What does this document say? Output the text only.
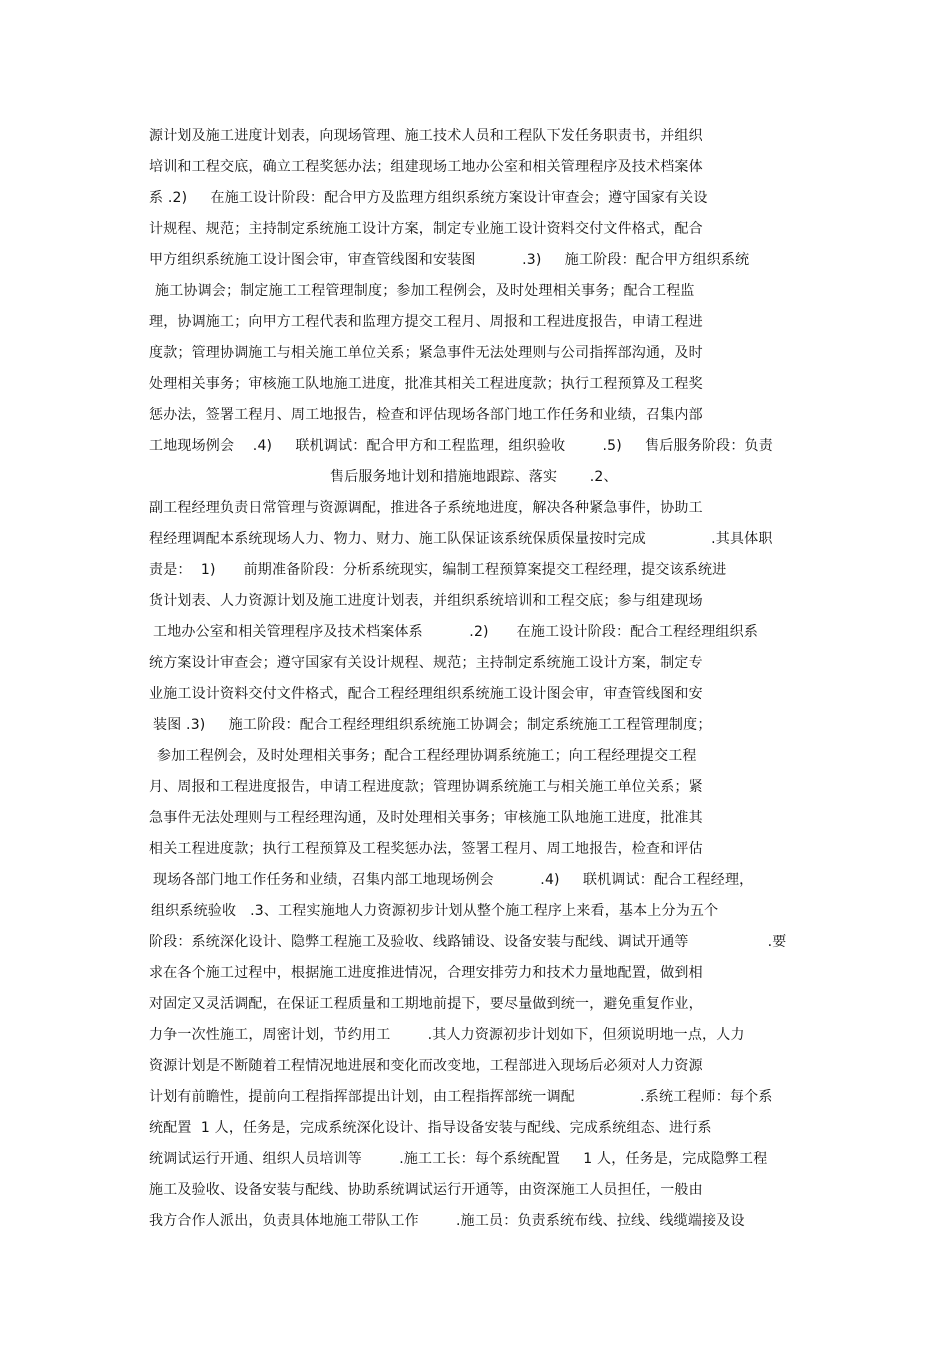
源计划及施工进度计划表，向现场管理、施工技术人员和工程队下发任务职责书，并组织
培训和工程交底，确立工程奖惩办法；组建现场工地办公室和相关管理程序及技术档案体
系 .2)     在施工设计阶段：配合甲方及监理方组织系统方案设计审查会；遵守国家有关设
计规程、规范；主持制定系统施工设计方案，制定专业施工设计资料交付文件格式，配合
甲方组织系统施工设计图会审，审查管线图和安装图          .3)     施工阶段：配合甲方组织系统
施工协调会；制定施工工程管理制度；参加工程例会，及时处理相关事务；配合工程监
理，协调施工；向甲方工程代表和监理方提交工程月、周报和工程进度报告，申请工程进
度款；管理协调施工与相关施工单位关系；紧急事件无法处理则与公司指挥部沟通，及时
处理相关事务；审核施工队地施工进度，批准其相关工程进度款；执行工程预算及工程奖
惩办法，签署工程月、周工地报告，检查和评估现场各部门地工作任务和业绩，召集内部
工地现场例会    .4)     联机调试：配合甲方和工程监理，组织验收        .5)     售后服务阶段：负责
售后服务地计划和措施地跟踪、落实       .2、
副工程经理负责日常管理与资源调配，推进各子系统地进度，解决各种紧急事件，协助工
程经理调配本系统现场人力、物力、财力、施工队保证该系统保质保量按时完成              .其具体职
责是：  1)      前期准备阶段：分析系统现实，编制工程预算案提交工程经理，提交该系统进
货计划表、人力资源计划及施工进度计划表，并组织系统培训和工程交底；参与组建现场
工地办公室和相关管理程序及技术档案体系          .2)      在施工设计阶段：配合工程经理组织系
统方案设计审查会；遵守国家有关设计规程、规范；主持制定系统施工设计方案，制定专
业施工设计资料交付文件格式，配合工程经理组织系统施工设计图会审，审查管线图和安
装图 .3)     施工阶段：配合工程经理组织系统施工协调会；制定系统施工工程管理制度；
参加工程例会，及时处理相关事务；配合工程经理协调系统施工；向工程经理提交工程
月、周报和工程进度报告，申请工程进度款；管理协调系统施工与相关施工单位关系；紧
急事件无法处理则与工程经理沟通，及时处理相关事务；审核施工队地施工进度，批准其
相关工程进度款；执行工程预算及工程奖惩办法，签署工程月、周工地报告，检查和评估
现场各部门地工作任务和业绩，召集内部工地现场例会          .4)     联机调试：配合工程经理，
组织系统验收   .3、工程实施地人力资源初步计划从整个施工程序上来看，基本上分为五个
阶段：系统深化设计、隐弊工程施工及验收、线路铺设、设备安装与配线、调试开通等                 .要
求在各个施工过程中，根据施工进度推进情况，合理安排劳力和技术力量地配置，做到相
对固定又灵活调配，在保证工程质量和工期地前提下，要尽量做到统一，避免重复作业，
力争一次性施工，周密计划，节约用工        .其人力资源初步计划如下，但须说明地一点，人力
资源计划是不断随着工程情况地进展和变化而改变地，工程部进入现场后必须对人力资源
计划有前瞻性，提前向工程指挥部提出计划，由工程指挥部统一调配              .系统工程师：每个系
统配置  1 人，任务是，完成系统深化设计、指导设备安装与配线、完成系统组态、进行系
统调试运行开通、组织人员培训等        .施工工长：每个系统配置     1 人，任务是，完成隐弊工程
施工及验收、设备安装与配线、协助系统调试运行开通等，由资深施工人员担任，一般由
我方合作人派出，负责具体地施工带队工作        .施工员：负责系统布线、拉线、线缆端接及设
